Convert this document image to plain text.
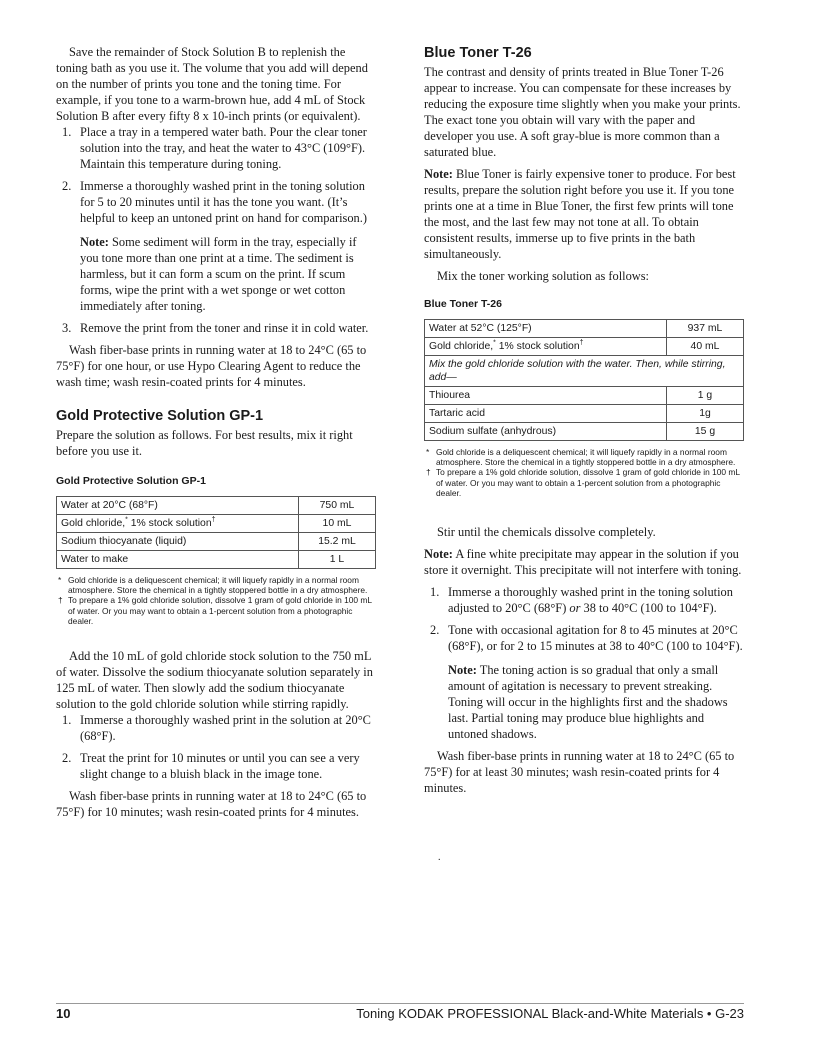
Save the remainder of Stock Solution B to replenish the toning bath as you use it. The volume that you add will depend on the number of prints you tone and the toning time. For example, if you tone to a warm-brown hue, add 4 mL of Stock Solution B after every fifty 8 x 10-inch prints (or equivalent).

1. Place a tray in a tempered water bath. Pour the clear toner solution into the tray, and heat the water to 43°C (109°F). Maintain this temperature during toning.
2. Immerse a thoroughly washed print in the toning solution for 5 to 20 minutes until it has the tone you want. (It’s helpful to keep an untoned print on hand for comparison.)

Note: Some sediment will form in the tray, especially if you tone more than one print at a time. The sediment is harmless, but it can form a scum on the print. If scum forms, wipe the print with a wet sponge or wet cotton immediately after toning.

3. Remove the print from the toner and rinse it in cold water.

Wash fiber-base prints in running water at 18 to 24°C (65 to 75°F) for one hour, or use Hypo Clearing Agent to reduce the wash time; wash resin-coated prints for 4 minutes.

Gold Protective Solution GP-1

Prepare the solution as follows. For best results, mix it right before you use it.

Gold Protective Solution GP-1
Water at 20°C (68°F)	750 mL
Gold chloride,* 1% stock solution†	10 mL
Sodium thiocyanate (liquid)	15.2 mL
Water to make	1 L
* Gold chloride is a deliquescent chemical; it will liquefy rapidly in a normal room atmosphere. Store the chemical in a tightly stoppered bottle in a dry atmosphere.
† To prepare a 1% gold chloride solution, dissolve 1 gram of gold chloride in 100 mL of water. Or you may want to obtain a 1-percent solution from a photographic dealer.

Add the 10 mL of gold chloride stock solution to the 750 mL of water. Dissolve the sodium thiocyanate solution separately in 125 mL of water. Then slowly add the sodium thiocyanate solution to the gold chloride solution while stirring rapidly.

1. Immerse a thoroughly washed print in the solution at 20°C (68°F).
2. Treat the print for 10 minutes or until you can see a very slight change to a bluish black in the image tone.

Wash fiber-base prints in running water at 18 to 24°C (65 to 75°F) for 10 minutes; wash resin-coated prints for 4 minutes.

Blue Toner T-26

The contrast and density of prints treated in Blue Toner T-26 appear to increase. You can compensate for these increases by reducing the exposure time slightly when you make your prints. The exact tone you obtain will vary with the paper and developer you use. A soft gray-blue is more common than a saturated blue.

Note: Blue Toner is fairly expensive toner to produce. For best results, prepare the solution right before you use it. If you tone prints one at a time in Blue Toner, the first few prints will tone the most, and the last few may not tone at all. To obtain consistent results, immerse up to five prints in the bath simultaneously.

Mix the toner working solution as follows:

Blue Toner T-26
Water at 52°C (125°F)	937 mL
Gold chloride,* 1% stock solution†	40 mL
Mix the gold chloride solution with the water. Then, while stirring, add—	
Thiourea	1 g
Tartaric acid	1g
Sodium sulfate (anhydrous)	15 g
* Gold chloride is a deliquescent chemical; it will liquefy rapidly in a normal room atmosphere. Store the chemical in a tightly stoppered bottle in a dry atmosphere.
† To prepare a 1% gold chloride solution, dissolve 1 gram of gold chloride in 100 mL of water. Or you may want to obtain a 1-percent solution from a photographic dealer.

Stir until the chemicals dissolve completely.

Note: A fine white precipitate may appear in the solution if you store it overnight. This precipitate will not interfere with toning.

1. Immerse a thoroughly washed print in the toning solution adjusted to 20°C (68°F) or 38 to 40°C (100 to 104°F).
2. Tone with occasional agitation for 8 to 45 minutes at 20°C (68°F), or for 2 to 15 minutes at 38 to 40°C (100 to 104°F).

Note: The toning action is so gradual that only a small amount of agitation is necessary to prevent streaking. Toning will occur in the highlights first and the shadows last. Partial toning may produce blue highlights and untoned shadows.

Wash fiber-base prints in running water at 18 to 24°C (65 to 75°F) for at least 30 minutes; wash resin-coated prints for 4 minutes.

.
10	Toning KODAK PROFESSIONAL Black-and-White Materials • G-23
